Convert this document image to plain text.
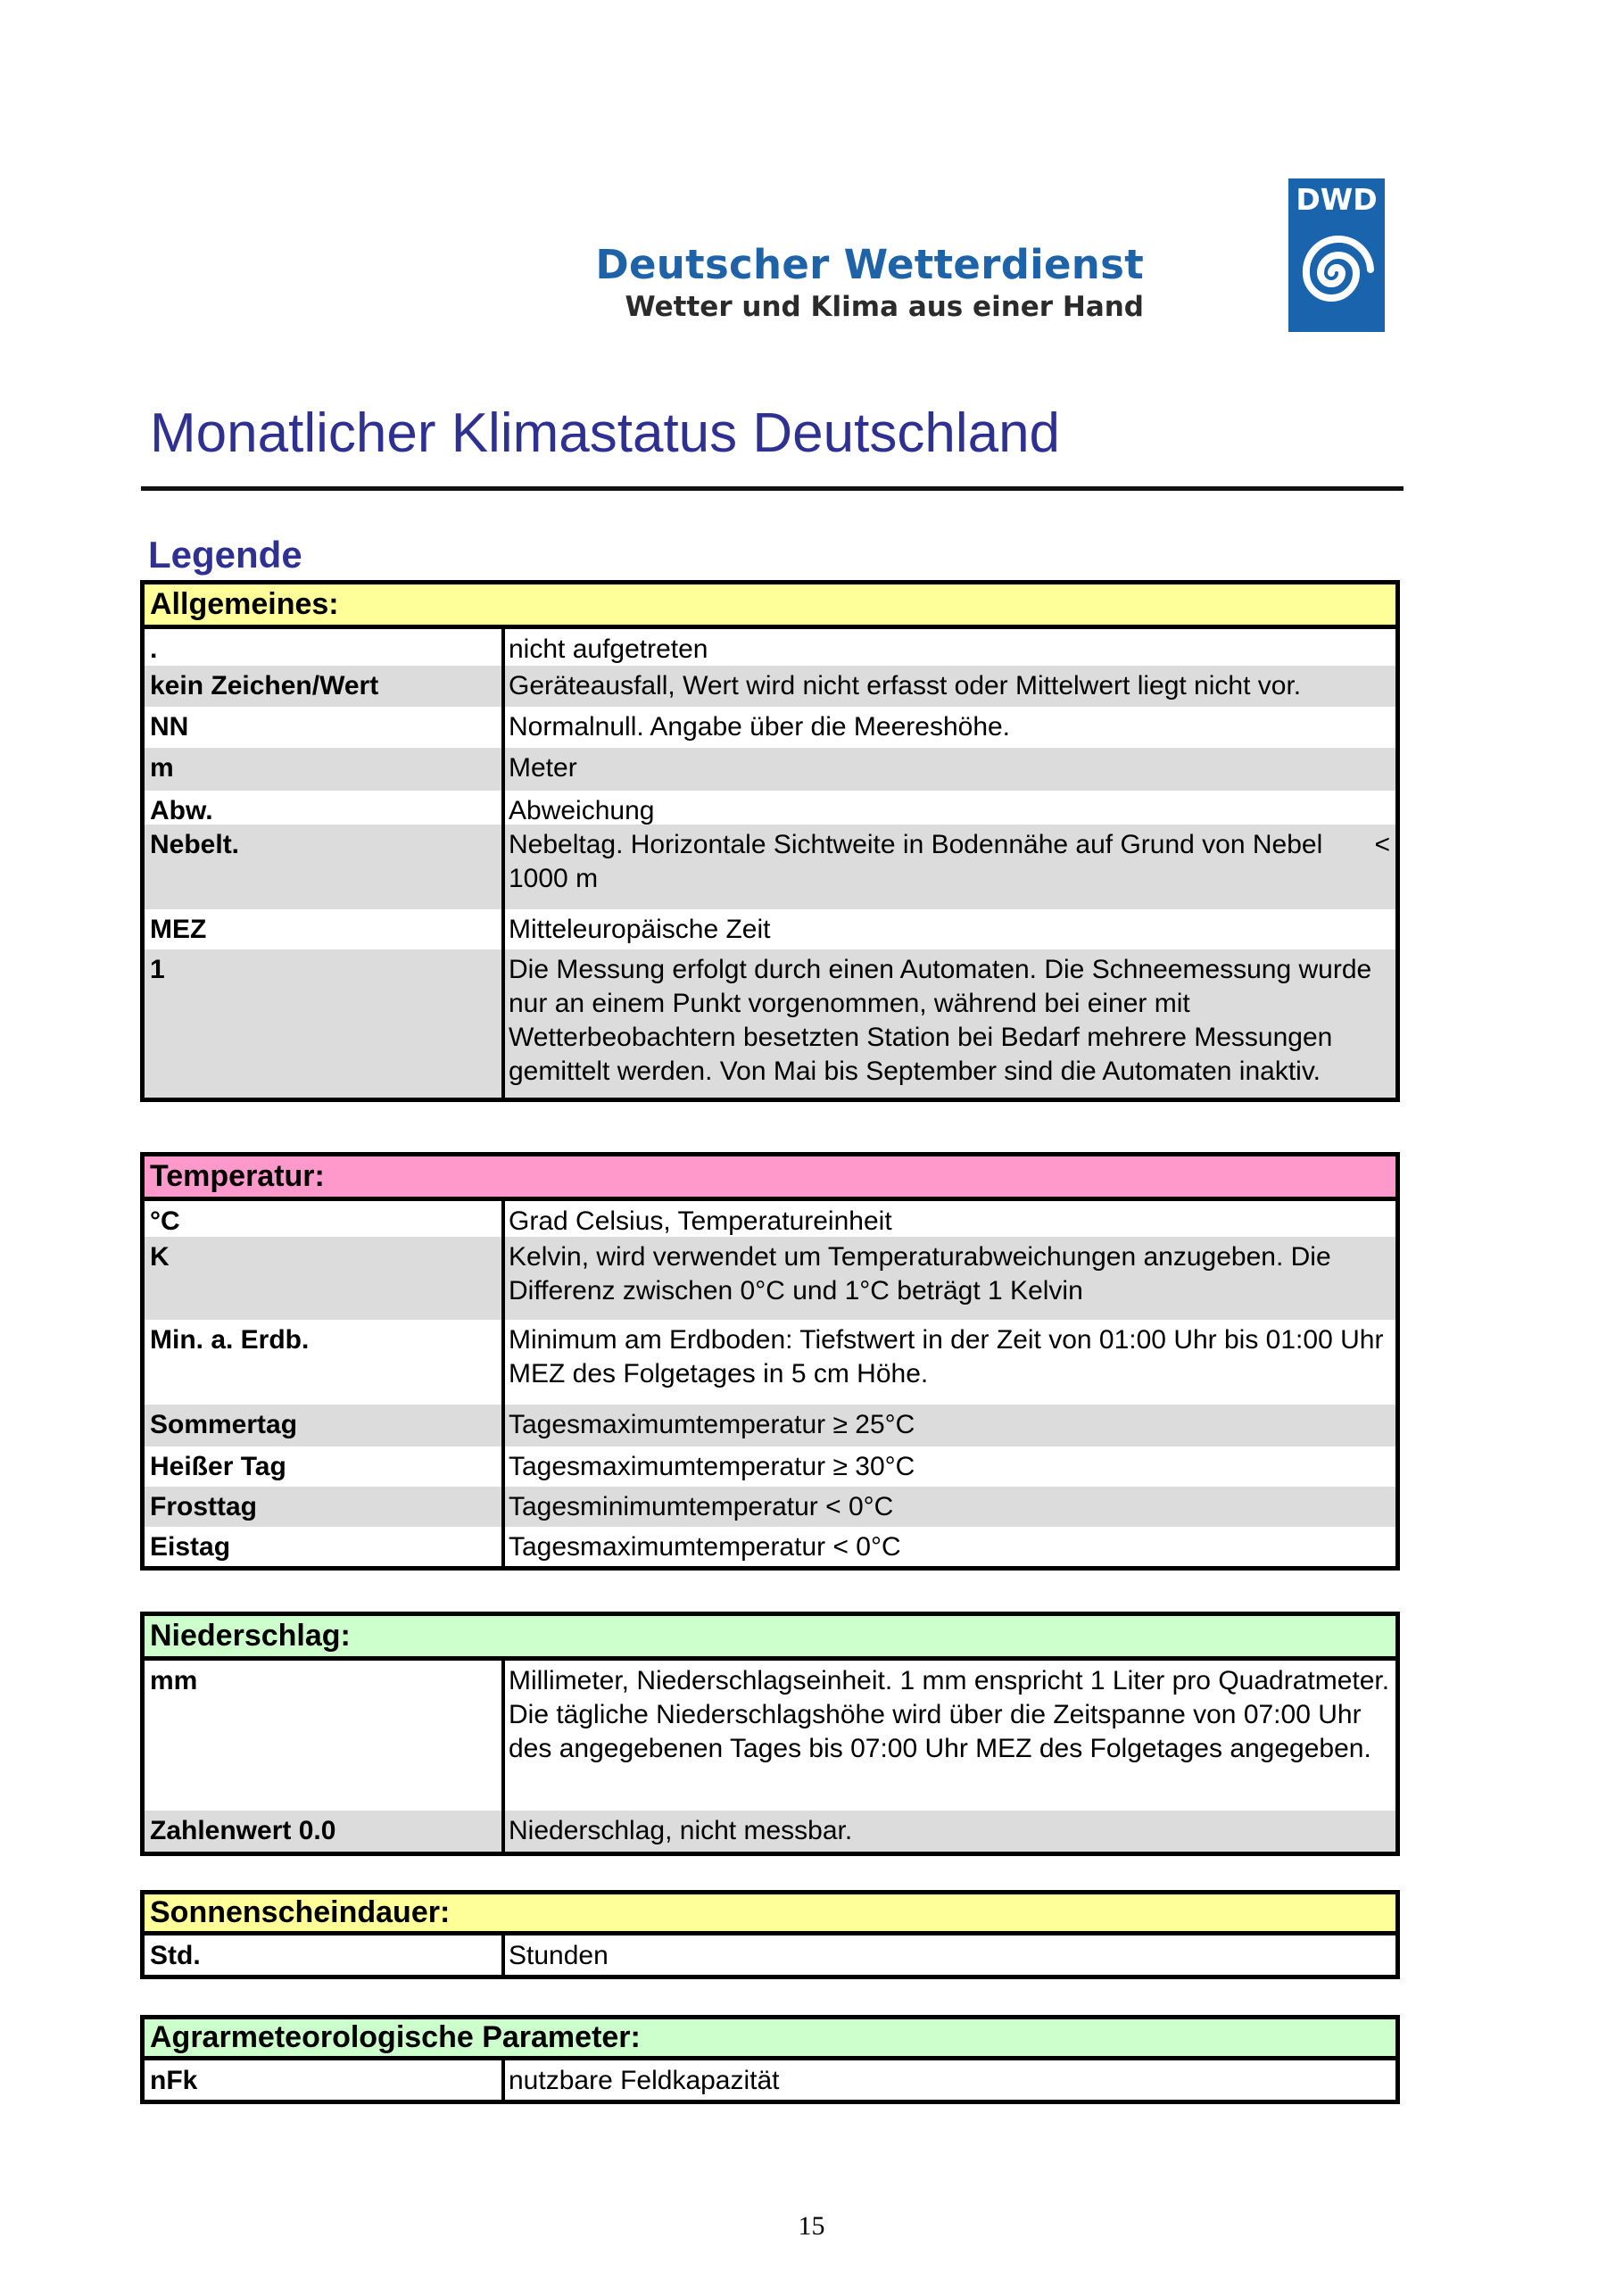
Deutscher Wetterdienst
Wetter und Klima aus einer Hand
DWD
Monatlicher Klimastatus Deutschland
Legende
Allgemeines:
.	nicht aufgetreten
kein Zeichen/Wert	Geräteausfall, Wert wird nicht erfasst oder Mittelwert liegt nicht vor.
NN	Normalnull. Angabe über die Meereshöhe.
m	Meter
Abw.	Abweichung
Nebelt.	Nebeltag. Horizontale Sichtweite in Bodennähe auf Grund von Nebel <
1000 m
MEZ	Mitteleuropäische Zeit
1	Die Messung erfolgt durch einen Automaten. Die Schneemessung wurde nur an einem Punkt vorgenommen, während bei einer mit Wetterbeobachtern besetzten Station bei Bedarf mehrere Messungen gemittelt werden. Von Mai bis September sind die Automaten inaktiv.
Temperatur:
°C	Grad Celsius, Temperatureinheit
K	Kelvin, wird verwendet um Temperaturabweichungen anzugeben. Die Differenz zwischen 0°C und 1°C beträgt 1 Kelvin
Min. a. Erdb.	Minimum am Erdboden: Tiefstwert in der Zeit von 01:00 Uhr bis 01:00 Uhr MEZ des Folgetages in 5 cm Höhe.
Sommertag	Tagesmaximumtemperatur ≥ 25°C
Heißer Tag	Tagesmaximumtemperatur ≥ 30°C
Frosttag	Tagesminimumtemperatur < 0°C
Eistag	Tagesmaximumtemperatur < 0°C
Niederschlag:
mm	Millimeter, Niederschlagseinheit. 1 mm enspricht 1 Liter pro Quadratmeter. Die tägliche Niederschlagshöhe wird über die Zeitspanne von 07:00 Uhr des angegebenen Tages bis 07:00 Uhr MEZ des Folgetages angegeben.
Zahlenwert 0.0	Niederschlag, nicht messbar.
Sonnenscheindauer:
Std.	Stunden
Agrarmeteorologische Parameter:
nFk	nutzbare Feldkapazität
15
